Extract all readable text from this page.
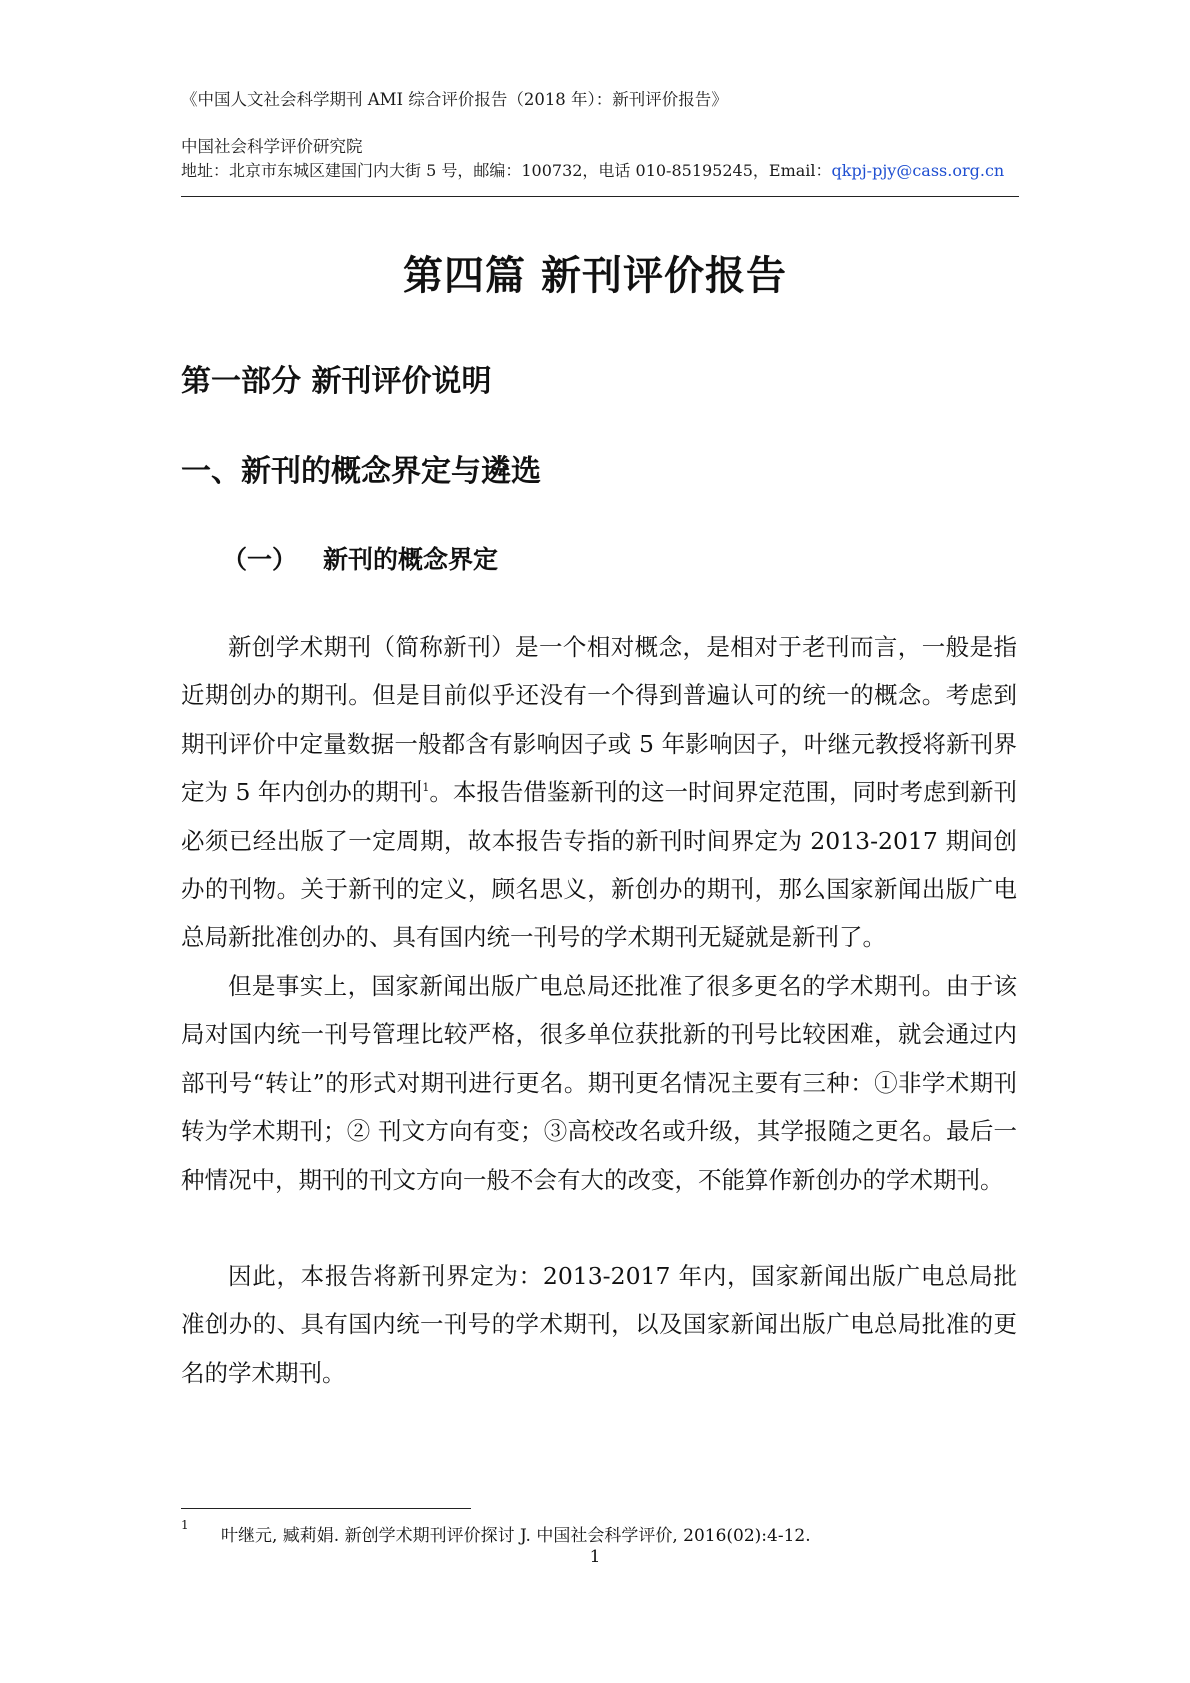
《中国人文社会科学期刊 AMI 综合评价报告（2018 年）：新刊评价报告》
中国社会科学评价研究院
地址：北京市东城区建国门内大街 5 号，邮编：100732，电话 010-85195245，Email：qkpj-pjy@cass.org.cn
第四篇 新刊评价报告
第一部分 新刊评价说明
一、新刊的概念界定与遴选
（一） 新刊的概念界定

新创学术期刊（简称新刊）是一个相对概念，是相对于老刊而言，一般是指近期创办的期刊。但是目前似乎还没有一个得到普遍认可的统一的概念。考虑到期刊评价中定量数据一般都含有影响因子或 5 年影响因子，叶继元教授将新刊界定为 5 年内创办的期刊$^1$。本报告借鉴新刊的这一时间界定范围，同时考虑到新刊必须已经出版了一定周期，故本报告专指的新刊时间界定为 2013-2017 期间创办的刊物。关于新刊的定义，顾名思义，新创办的期刊，那么国家新闻出版广电总局新批准创办的、具有国内统一刊号的学术期刊无疑就是新刊了。

但是事实上，国家新闻出版广电总局还批准了很多更名的学术期刊。由于该局对国内统一刊号管理比较严格，很多单位获批新的刊号比较困难，就会通过内部刊号“转让”的形式对期刊进行更名。期刊更名情况主要有三种：①非学术期刊转为学术期刊；② 刊文方向有变；③高校改名或升级，其学报随之更名。最后一种情况中，期刊的刊文方向一般不会有大的改变，不能算作新创办的学术期刊。

因此，本报告将新刊界定为：2013-2017 年内，国家新闻出版广电总局批准创办的、具有国内统一刊号的学术期刊，以及国家新闻出版广电总局批准的更名的学术期刊。

1
叶继元, 臧莉娟. 新创学术期刊评价探讨 J. 中国社会科学评价, 2016(02):4-12.
1
